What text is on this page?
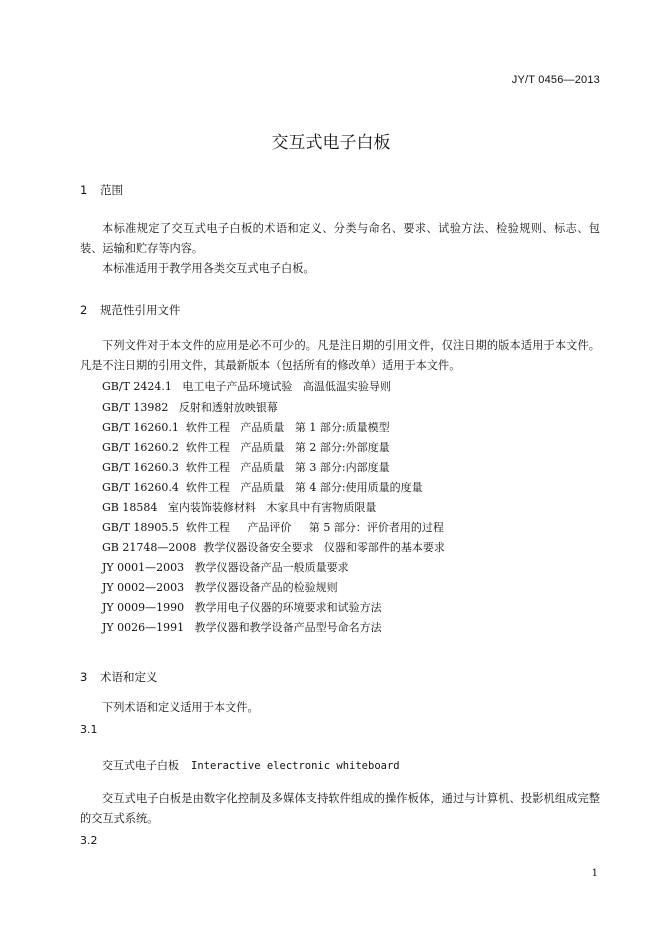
JY/T 0456—2013
交互式电子白板
1 范围
本标准规定了交互式电子白板的术语和定义、分类与命名、要求、试验方法、检验规则、标志、包装、运输和贮存等内容。
本标准适用于教学用各类交互式电子白板。
2 规范性引用文件
下列文件对于本文件的应用是必不可少的。凡是注日期的引用文件，仅注日期的版本适用于本文件。凡是不注日期的引用文件，其最新版本（包括所有的修改单）适用于本文件。
GB/T 2424.1   电工电子产品环境试验   高温低温实验导则
GB/T 13982   反射和透射放映银幕
GB/T 16260.1  软件工程   产品质量   第 1 部分:质量模型
GB/T 16260.2  软件工程   产品质量   第 2 部分:外部度量
GB/T 16260.3  软件工程   产品质量   第 3 部分:内部度量
GB/T 16260.4  软件工程   产品质量   第 4 部分:使用质量的度量
GB 18584   室内装饰装修材料   木家具中有害物质限量
GB/T 18905.5  软件工程     产品评价     第 5 部分：评价者用的过程
GB 21748—2008  教学仪器设备安全要求   仪器和零部件的基本要求
JY 0001—2003   教学仪器设备产品一般质量要求
JY 0002—2003   教学仪器设备产品的检验规则
JY 0009—1990   教学用电子仪器的环境要求和试验方法
JY 0026—1991   教学仪器和教学设备产品型号命名方法
3 术语和定义
下列术语和定义适用于本文件。
3.1
交互式电子白板 Interactive electronic whiteboard
交互式电子白板是由数字化控制及多媒体支持软件组成的操作板体，通过与计算机、投影机组成完整的交互式系统。
3.2
1
